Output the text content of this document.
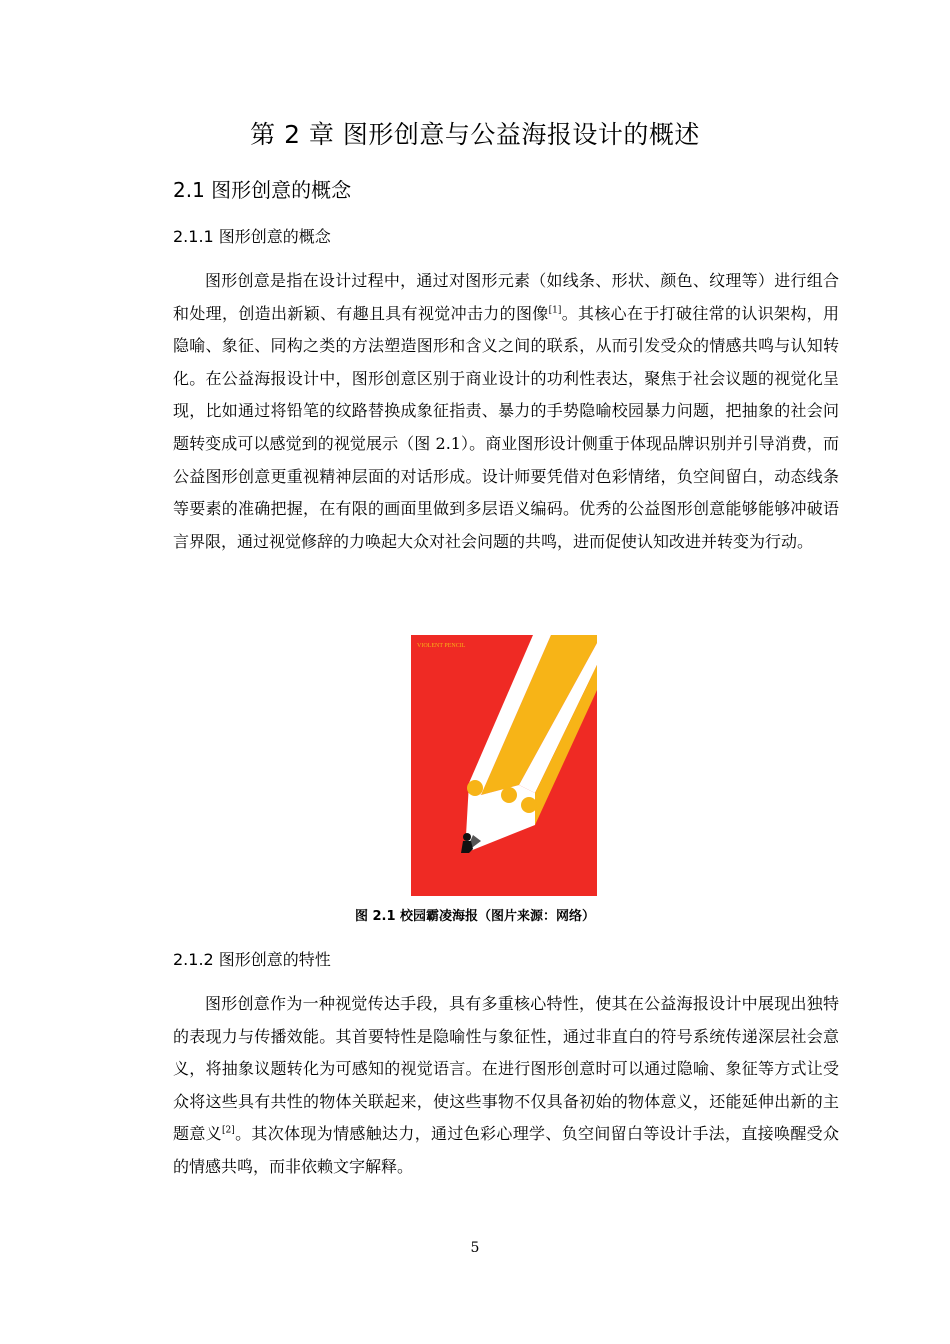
第 2 章 图形创意与公益海报设计的概述
2.1 图形创意的概念
2.1.1 图形创意的概念

图形创意是指在设计过程中，通过对图形元素（如线条、形状、颜色、纹理等）进行组合和处理，创造出新颖、有趣且具有视觉冲击力的图像[1]。其核心在于打破往常的认识架构，用隐喻、象征、同构之类的方法塑造图形和含义之间的联系，从而引发受众的情感共鸣与认知转化。在公益海报设计中，图形创意区别于商业设计的功利性表达，聚焦于社会议题的视觉化呈现，比如通过将铅笔的纹路替换成象征指责、暴力的手势隐喻校园暴力问题，把抽象的社会问题转变成可以感觉到的视觉展示（图 2.1）。商业图形设计侧重于体现品牌识别并引导消费，而公益图形创意更重视精神层面的对话形成。设计师要凭借对色彩情绪，负空间留白，动态线条等要素的准确把握，在有限的画面里做到多层语义编码。优秀的公益图形创意能够能够冲破语言界限，通过视觉修辞的力唤起大众对社会问题的共鸣，进而促使认知改进并转变为行动。

VIOLENT PENCIL
图 2.1 校园霸凌海报（图片来源：网络）
2.1.2 图形创意的特性

图形创意作为一种视觉传达手段，具有多重核心特性，使其在公益海报设计中展现出独特的表现力与传播效能。其首要特性是隐喻性与象征性，通过非直白的符号系统传递深层社会意义，将抽象议题转化为可感知的视觉语言。在进行图形创意时可以通过隐喻、象征等方式让受众将这些具有共性的物体关联起来，使这些事物不仅具备初始的物体意义，还能延伸出新的主题意义[2]。其次体现为情感触达力，通过色彩心理学、负空间留白等设计手法，直接唤醒受众的情感共鸣，而非依赖文字解释。

5
